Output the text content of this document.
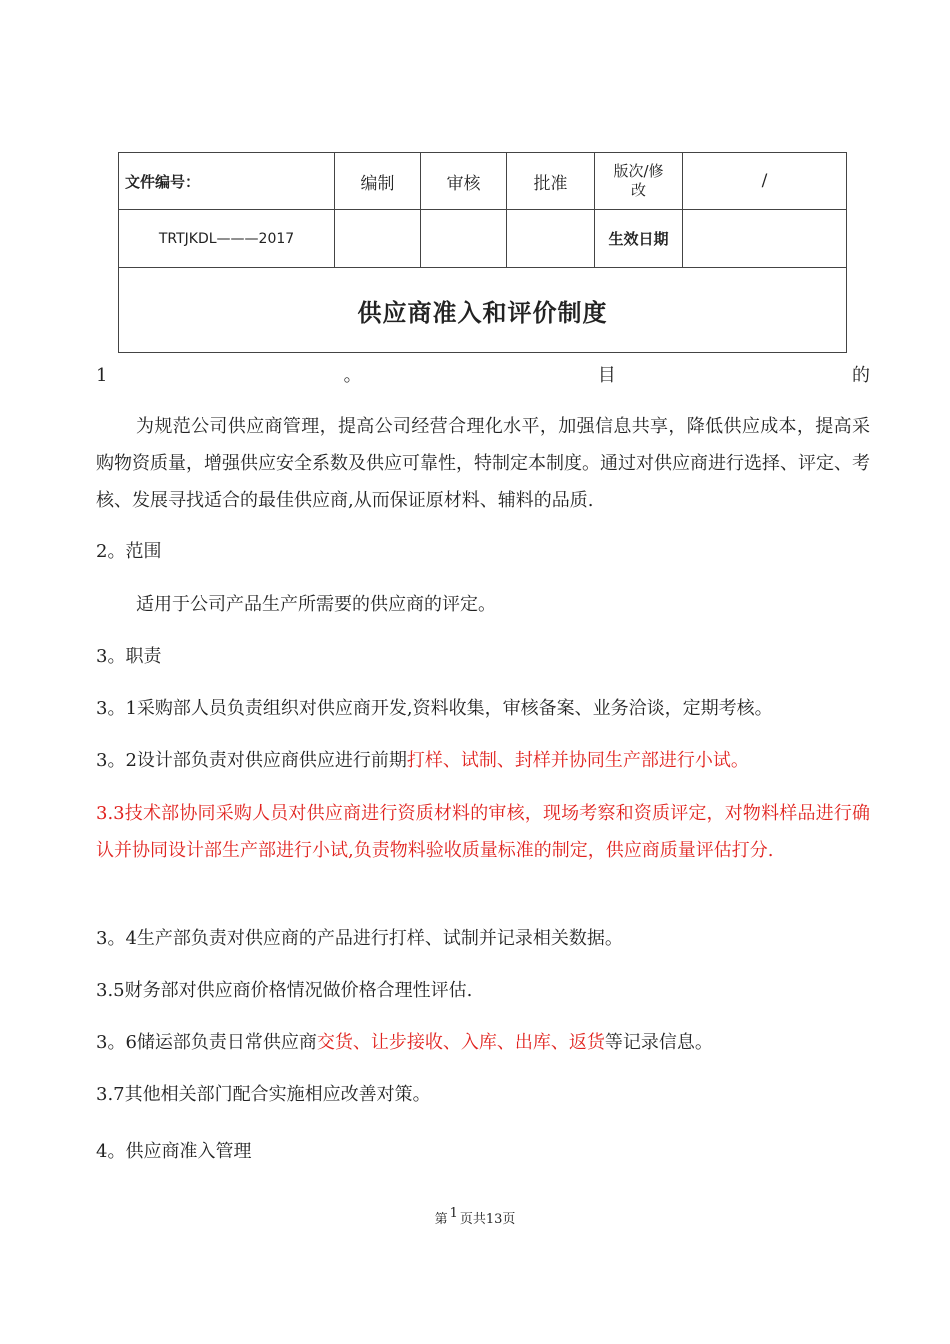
文件编号：	编制	审核	批准	版次/修改	/
TRTJKDL———2017				生效日期	
供应商准入和评价制度					
1	。	目	的
为规范公司供应商管理，提高公司经营合理化水平，加强信息共享，降低供应成本，提高采购物资质量，增强供应安全系数及供应可靠性，特制定本制度。通过对供应商进行选择、评定、考核、发展寻找适合的最佳供应商,从而保证原材料、辅料的品质.
2。范围
适用于公司产品生产所需要的供应商的评定。
3。职责
3。1采购部人员负责组织对供应商开发,资料收集，审核备案、业务洽谈，定期考核。
3。2设计部负责对供应商供应进行前期打样、试制、封样并协同生产部进行小试。
3.3技术部协同采购人员对供应商进行资质材料的审核，现场考察和资质评定，对物料样品进行确认并协同设计部生产部进行小试,负责物料验收质量标准的制定，供应商质量评估打分.
3。4生产部负责对供应商的产品进行打样、试制并记录相关数据。
3.5财务部对供应商价格情况做价格合理性评估.
3。6储运部负责日常供应商交货、让步接收、入库、出库、返货等记录信息。
3.7其他相关部门配合实施相应改善对策。
4。供应商准入管理
第 $^1$ 页共13页
